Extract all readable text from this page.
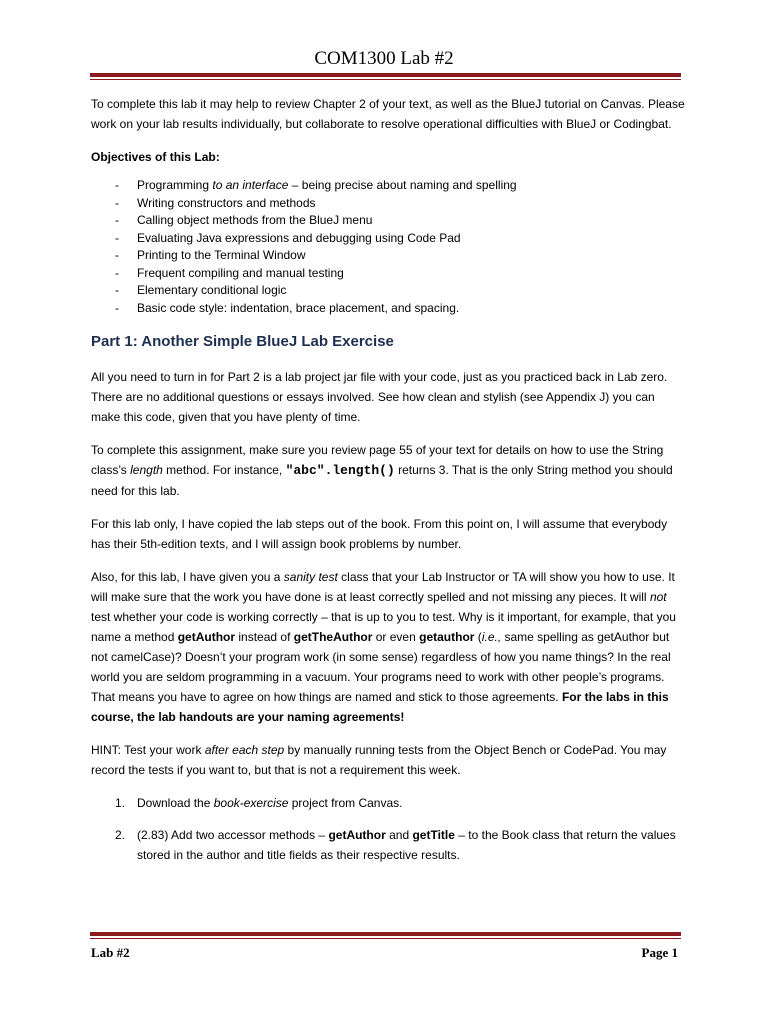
COM1300 Lab #2

To complete this lab it may help to review Chapter 2 of your text, as well as the BlueJ tutorial on Canvas. Please work on your lab results individually, but collaborate to resolve operational difficulties with BlueJ or Codingbat.

Objectives of this Lab:

- Programming to an interface – being precise about naming and spelling
- Writing constructors and methods
- Calling object methods from the BlueJ menu
- Evaluating Java expressions and debugging using Code Pad
- Printing to the Terminal Window
- Frequent compiling and manual testing
- Elementary conditional logic
- Basic code style: indentation, brace placement, and spacing.
Part 1: Another Simple BlueJ Lab Exercise

All you need to turn in for Part 2 is a lab project jar file with your code, just as you practiced back in Lab zero. There are no additional questions or essays involved. See how clean and stylish (see Appendix J) you can make this code, given that you have plenty of time.

To complete this assignment, make sure you review page 55 of your text for details on how to use the String class’s length method. For instance, "abc".length() returns 3. That is the only String method you should need for this lab.

For this lab only, I have copied the lab steps out of the book. From this point on, I will assume that everybody has their 5th-edition texts, and I will assign book problems by number.

Also, for this lab, I have given you a sanity test class that your Lab Instructor or TA will show you how to use. It will make sure that the work you have done is at least correctly spelled and not missing any pieces. It will not test whether your code is working correctly – that is up to you to test. Why is it important, for example, that you name a method getAuthor instead of getTheAuthor or even getauthor (i.e., same spelling as getAuthor but not camelCase)? Doesn’t your program work (in some sense) regardless of how you name things? In the real world you are seldom programming in a vacuum. Your programs need to work with other people’s programs. That means you have to agree on how things are named and stick to those agreements. For the labs in this course, the lab handouts are your naming agreements!

HINT: Test your work after each step by manually running tests from the Object Bench or CodePad. You may record the tests if you want to, but that is not a requirement this week.

1. Download the book-exercise project from Canvas.
2. (2.83) Add two accessor methods – getAuthor and getTitle – to the Book class that return the values stored in the author and title fields as their respective results.
Lab #2	Page 1
